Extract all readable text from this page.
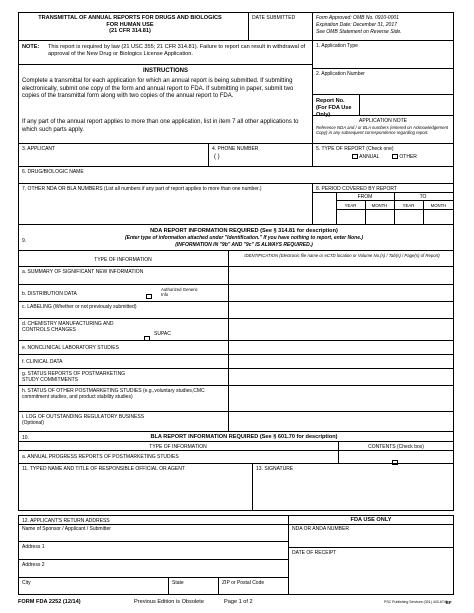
TRANSMITTAL OF ANNUAL REPORTS FOR DRUGS AND BIOLOGICS FOR HUMAN USE
(21 CFR 314.81)
DATE SUBMITTED	Form Approved: OMB No. 0910-0001
Expiration Date: December 31, 2017
See OMB Statement on Reverse Side.
NOTE: This report is required by law (21 USC 355; 21 CFR 314.81). Failure to report can result in withdrawal of approval of the New Drug or Biologics License Application.
INSTRUCTIONS
Complete a transmittal for each application for which an annual report is being submitted. If submitting electronically, submit one copy of the form and annual report to FDA. If submitting in paper, submit two copies of the transmittal form along with two copies of the annual report to FDA.
If any part of the annual report applies to more than one application, list in item 7 all other applications to which such parts apply.
1. Application Type
2. Application Number
Report No. (For FDA Use Only)
APPLICATION NOTE
Reference NDA and / or BLA numbers (entered on Acknowledgement Copy) in any subsequent correspondence regarding report.
3. APPLICANT	4. PHONE NUMBER
( )
5. TYPE OF REPORT (Check one)
ANNUAL	OTHER
6. DRUG/BIOLOGIC NAME
7. OTHER NDA OR BLA NUMBERS (List all numbers if any part of report applies to more than one number.)	8. PERIOD COVERED BY REPORT
FROM	TO
YEAR	MONTH	YEAR	MONTH
9.
NDA REPORT INFORMATION REQUIRED (See § 314.81 for description)
(Enter type of information attached under "Identification." If you have nothing to report, enter None.)
(INFORMATION IN "9b" AND "9c" IS ALWAYS REQUIRED.)
TYPE OF INFORMATION
IDENTIFICATION (Electronic file name or eCTD location or Volume No.(s) / Tab(s) / Page(s) of Report)
a. SUMMARY OF SIGNIFICANT NEW INFORMATION
b. DISTRIBUTION DATA
Authorized Generic Info
c. LABELING (Whether or not previously submitted)
d. CHEMISTRY MANUFACTURING AND CONTROLS CHANGES
SUPAC
e. NONCLINICAL LABORATORY STUDIES
f. CLINICAL DATA
g. STATUS REPORTS OF POSTMARKETING STUDY COMMITMENTS
h. STATUS OF OTHER POSTMARKETING STUDIES (e.g.,voluntary studies,CMC commitment studies, and product stability studies)
i. LOG OF OUTSTANDING REGULATORY BUSINESS (Optional)
10.	BLA REPORT INFORMATION REQUIRED (See § 601.70 for description)
TYPE OF INFORMATION	CONTENTS (Check box)
a. ANNUAL PROGRESS REPORTS OF POSTMARKETING STUDIES
11. TYPED NAME AND TITLE OF RESPONSIBLE OFFICIAL OR AGENT	13. SIGNATURE
12. APPLICANT'S RETURN ADDRESS
Name of Sponsor / Applicant / Submitter
Address 1
Address 2
City	State	ZIP or Postal Code
FDA USE ONLY
NDA OR ANDA NUMBER
DATE OF RECEIPT
FORM FDA 2252 (12/14)	Previous Edition is Obsolete	Page 1 of 2	PSC Publishing Services (301) 443-6740
EF
